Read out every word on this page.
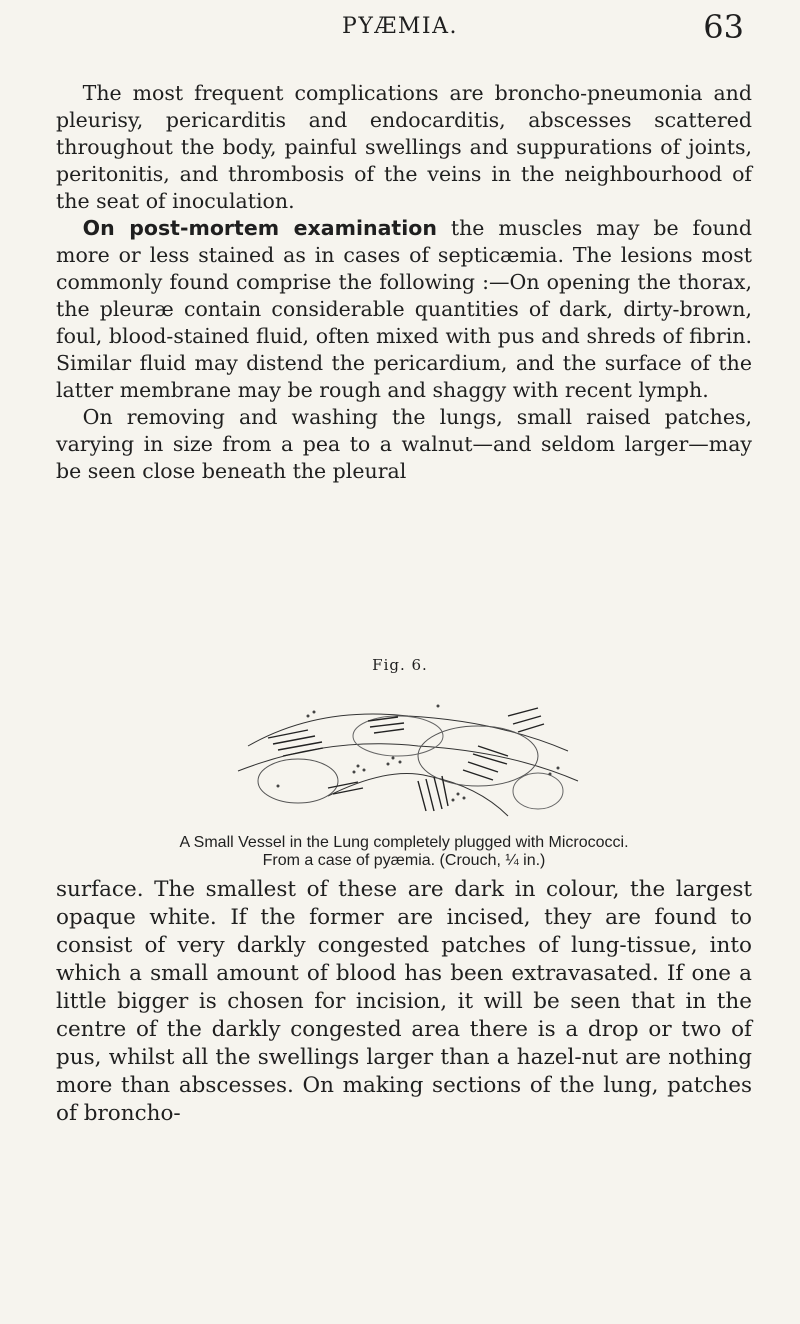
PYÆMIA.	63

The most frequent complications are broncho-pneumonia and pleurisy, pericarditis and endocarditis, abscesses scattered throughout the body, painful swellings and suppurations of joints, peritonitis, and thrombosis of the veins in the neighbourhood of the seat of inoculation.

On post-mortem examination the muscles may be found more or less stained as in cases of septicæmia. The lesions most commonly found comprise the following :—On opening the thorax, the pleuræ contain considerable quantities of dark, dirty-brown, foul, blood-stained fluid, often mixed with pus and shreds of fibrin. Similar fluid may distend the pericardium, and the surface of the latter membrane may be rough and shaggy with recent lymph.

On removing and washing the lungs, small raised patches, varying in size from a pea to a walnut—and seldom larger—may be seen close beneath the pleural

Fig. 6.
A Small Vessel in the Lung completely plugged with Micrococci.
From a case of pyæmia. (Crouch, ¼ in.)

surface. The smallest of these are dark in colour, the largest opaque white. If the former are incised, they are found to consist of very darkly congested patches of lung-tissue, into which a small amount of blood has been extravasated. If one a little bigger is chosen for incision, it will be seen that in the centre of the darkly congested area there is a drop or two of pus, whilst all the swellings larger than a hazel-nut are nothing more than abscesses. On making sections of the lung, patches of broncho-
